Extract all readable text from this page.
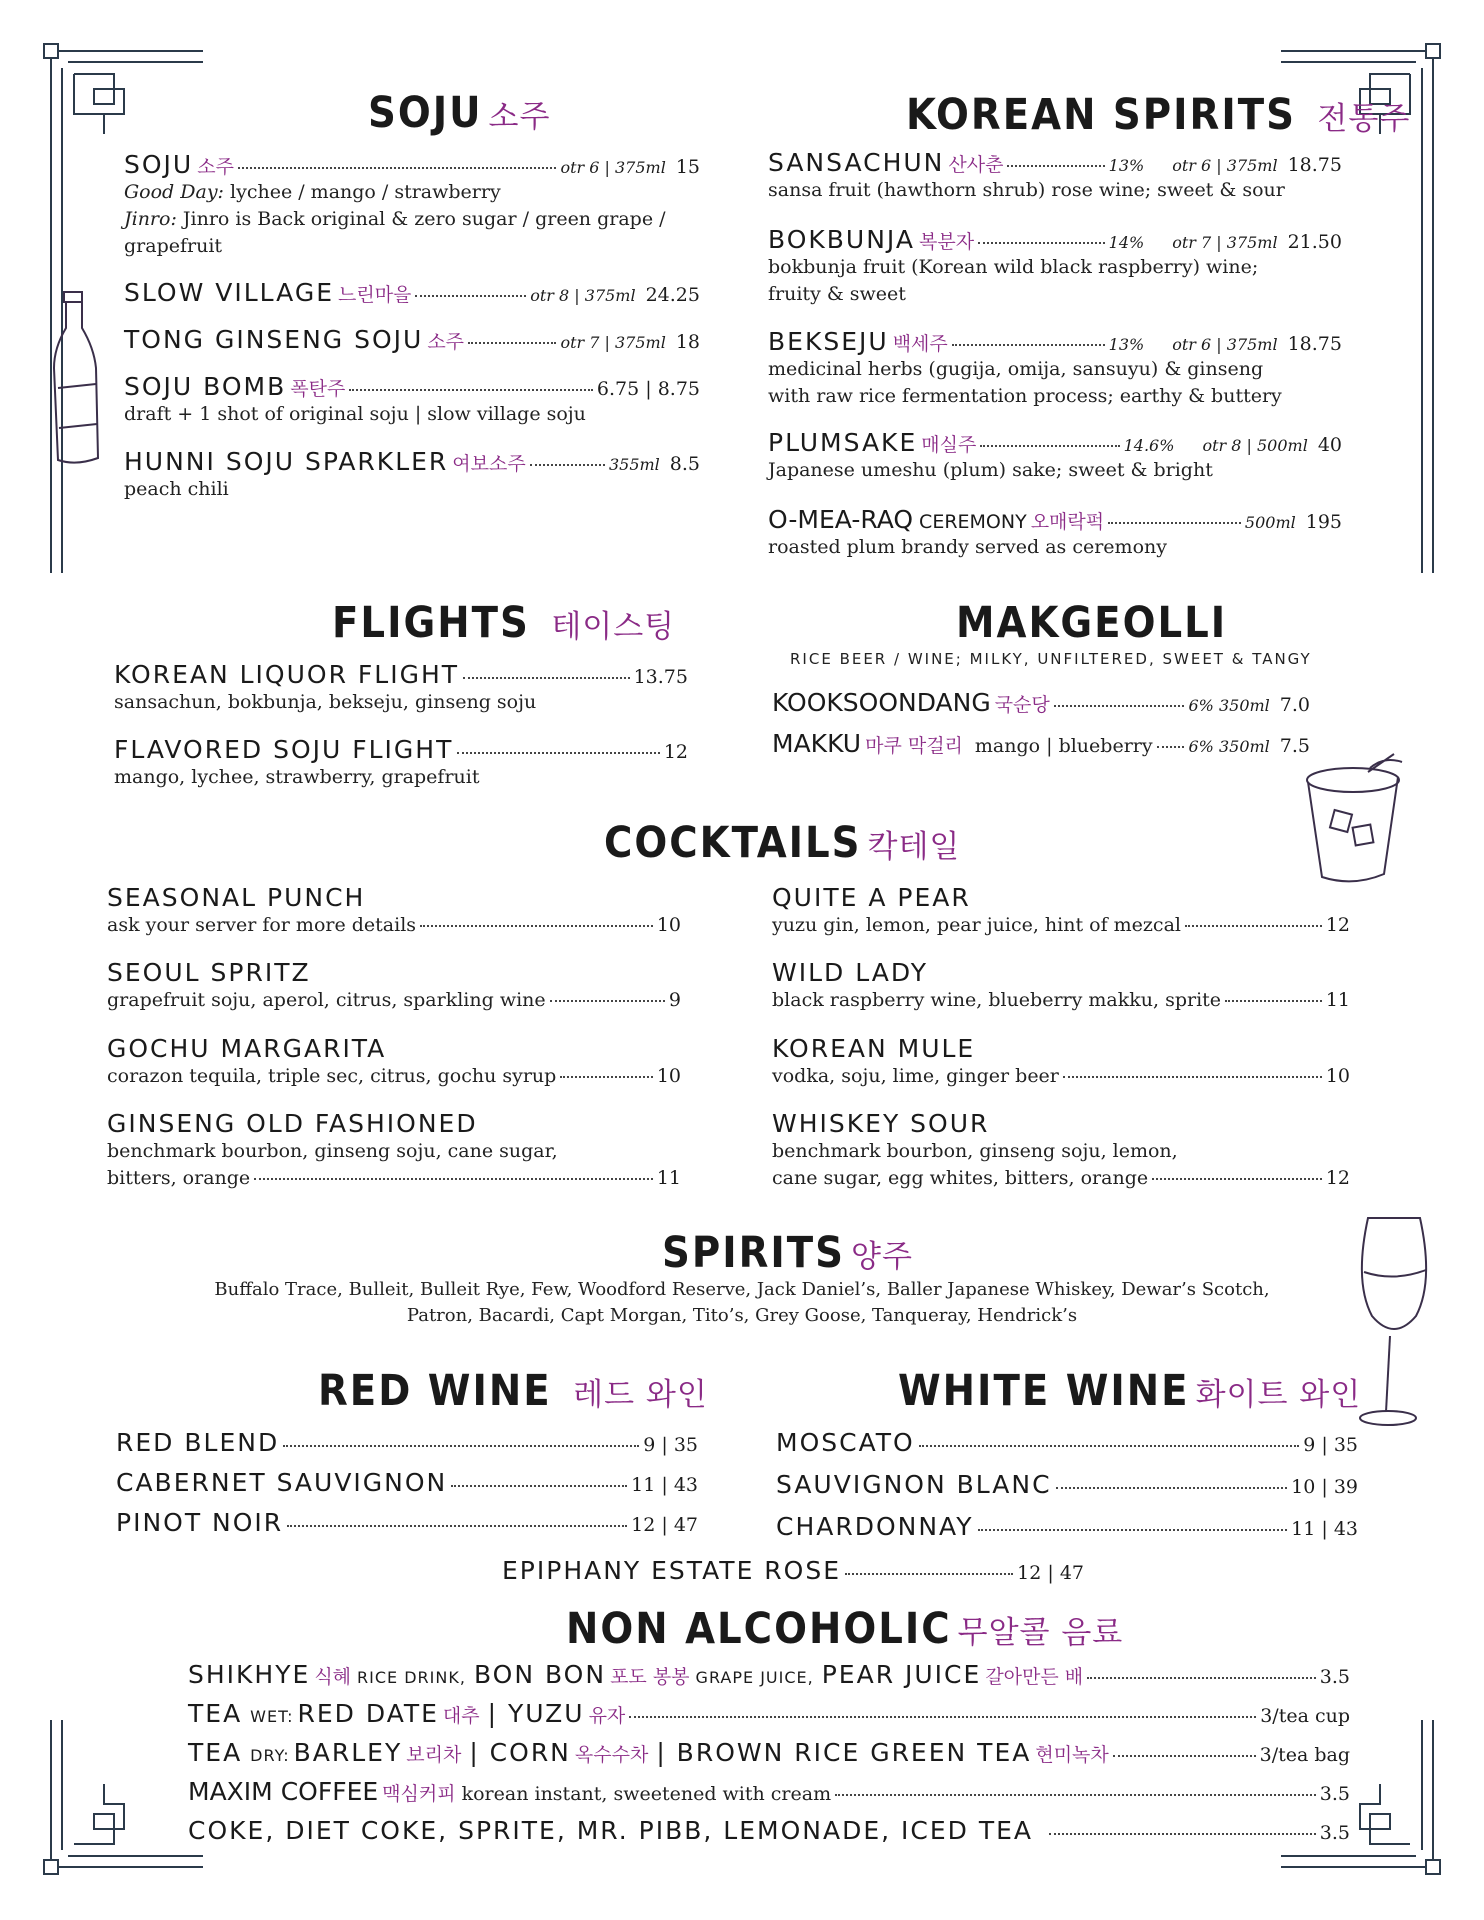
SOJU 소주
SOJU 소주	otr 6 | 375ml 15
Good Day: lychee / mango / strawberry
Jinro: Jinro is Back original & zero sugar / green grape /
grapefruit
SLOW VILLAGE 느린마을	otr 8 | 375ml 24.25
TONG GINSENG SOJU 소주	otr 7 | 375ml 18
SOJU BOMB 폭탄주	6.75 | 8.75
draft + 1 shot of original soju | slow village soju
HUNNI SOJU SPARKLER 여보소주	355ml 8.5
peach chili
KOREAN SPIRITS 전통주
SANSACHUN 산사춘	13% otr 6 | 375ml 18.75
sansa fruit (hawthorn shrub) rose wine; sweet & sour
BOKBUNJA 복분자	14% otr 7 | 375ml 21.50
bokbunja fruit (Korean wild black raspberry) wine;
fruity & sweet
BEKSEJU 백세주	13% otr 6 | 375ml 18.75
medicinal herbs (gugija, omija, sansuyu) & ginseng
with raw rice fermentation process; earthy & buttery
PLUMSAKE 매실주	14.6% otr 8 | 500ml 40
Japanese umeshu (plum) sake; sweet & bright
O-MEA-RAQ CEREMONY 오매락퍽	500ml 195
roasted plum brandy served as ceremony
FLIGHTS 테이스팅
KOREAN LIQUOR FLIGHT	13.75
sansachun, bokbunja, bekseju, ginseng soju
FLAVORED SOJU FLIGHT	12
mango, lychee, strawberry, grapefruit
MAKGEOLLI
RICE BEER / WINE; MILKY, UNFILTERED, SWEET & TANGY
KOOKSOONDANG 국순당	6% 350ml 7.0
MAKKU 마쿠 막걸리 mango | blueberry 6% 350ml 7.5
COCKTAILS 칵테일
SEASONAL PUNCH
ask your server for more details	10
SEOUL SPRITZ
grapefruit soju, aperol, citrus, sparkling wine	9
GOCHU MARGARITA
corazon tequila, triple sec, citrus, gochu syrup	10
GINSENG OLD FASHIONED
benchmark bourbon, ginseng soju, cane sugar,
bitters, orange	11
QUITE A PEAR
yuzu gin, lemon, pear juice, hint of mezcal	12
WILD LADY
black raspberry wine, blueberry makku, sprite	11
KOREAN MULE
vodka, soju, lime, ginger beer	10
WHISKEY SOUR
benchmark bourbon, ginseng soju, lemon,
cane sugar, egg whites, bitters, orange	12
SPIRITS 양주
Buffalo Trace, Bulleit, Bulleit Rye, Few, Woodford Reserve, Jack Daniel’s, Baller Japanese Whiskey, Dewar’s Scotch,
Patron, Bacardi, Capt Morgan, Tito’s, Grey Goose, Tanqueray, Hendrick’s
RED WINE 레드 와인
RED BLEND	9 | 35
CABERNET SAUVIGNON	11 | 43
PINOT NOIR	12 | 47
WHITE WINE 화이트 와인
MOSCATO	9 | 35
SAUVIGNON BLANC	10 | 39
CHARDONNAY	11 | 43
EPIPHANY ESTATE ROSE	12 | 47
NON ALCOHOLIC 무알콜 음료
SHIKHYE 식혜 RICE DRINK, BON BON 포도 봉봉 GRAPE JUICE, PEAR JUICE 갈아만든 배	3.5
TEA WET: RED DATE 대추 | YUZU 유자	3/tea cup
TEA DRY: BARLEY 보리차 | CORN 옥수수차 | BROWN RICE GREEN TEA 현미녹차	3/tea bag
MAXIM COFFEE 맥심커피 korean instant, sweetened with cream	3.5
COKE, DIET COKE, SPRITE, MR. PIBB, LEMONADE, ICED TEA	3.5
